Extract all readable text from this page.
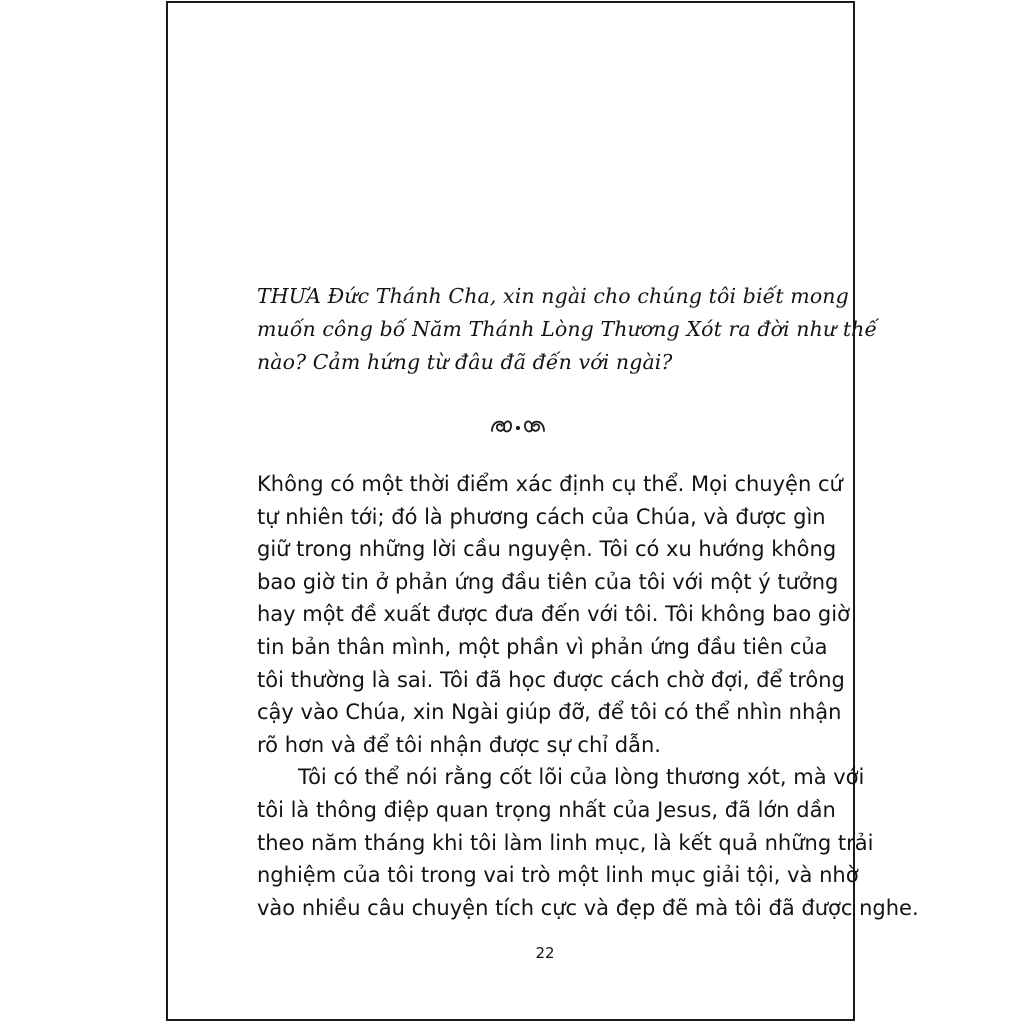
THƯA Đức Thánh Cha, xin ngài cho chúng tôi biết mong
muốn công bố Năm Thánh Lòng Thương Xót ra đời như thế
nào? Cảm hứng từ đâu đã đến với ngài?
Không có một thời điểm xác định cụ thể. Mọi chuyện cứ
tự nhiên tới; đó là phương cách của Chúa, và được gìn
giữ trong những lời cầu nguyện. Tôi có xu hướng không
bao giờ tin ở phản ứng đầu tiên của tôi với một ý tưởng
hay một đề xuất được đưa đến với tôi. Tôi không bao giờ
tin bản thân mình, một phần vì phản ứng đầu tiên của
tôi thường là sai. Tôi đã học được cách chờ đợi, để trông
cậy vào Chúa, xin Ngài giúp đỡ, để tôi có thể nhìn nhận
rõ hơn và để tôi nhận được sự chỉ dẫn.
Tôi có thể nói rằng cốt lõi của lòng thương xót, mà với
tôi là thông điệp quan trọng nhất của Jesus, đã lớn dần
theo năm tháng khi tôi làm linh mục, là kết quả những trải
nghiệm của tôi trong vai trò một linh mục giải tội, và nhờ
vào nhiều câu chuyện tích cực và đẹp đẽ mà tôi đã được nghe.
22
